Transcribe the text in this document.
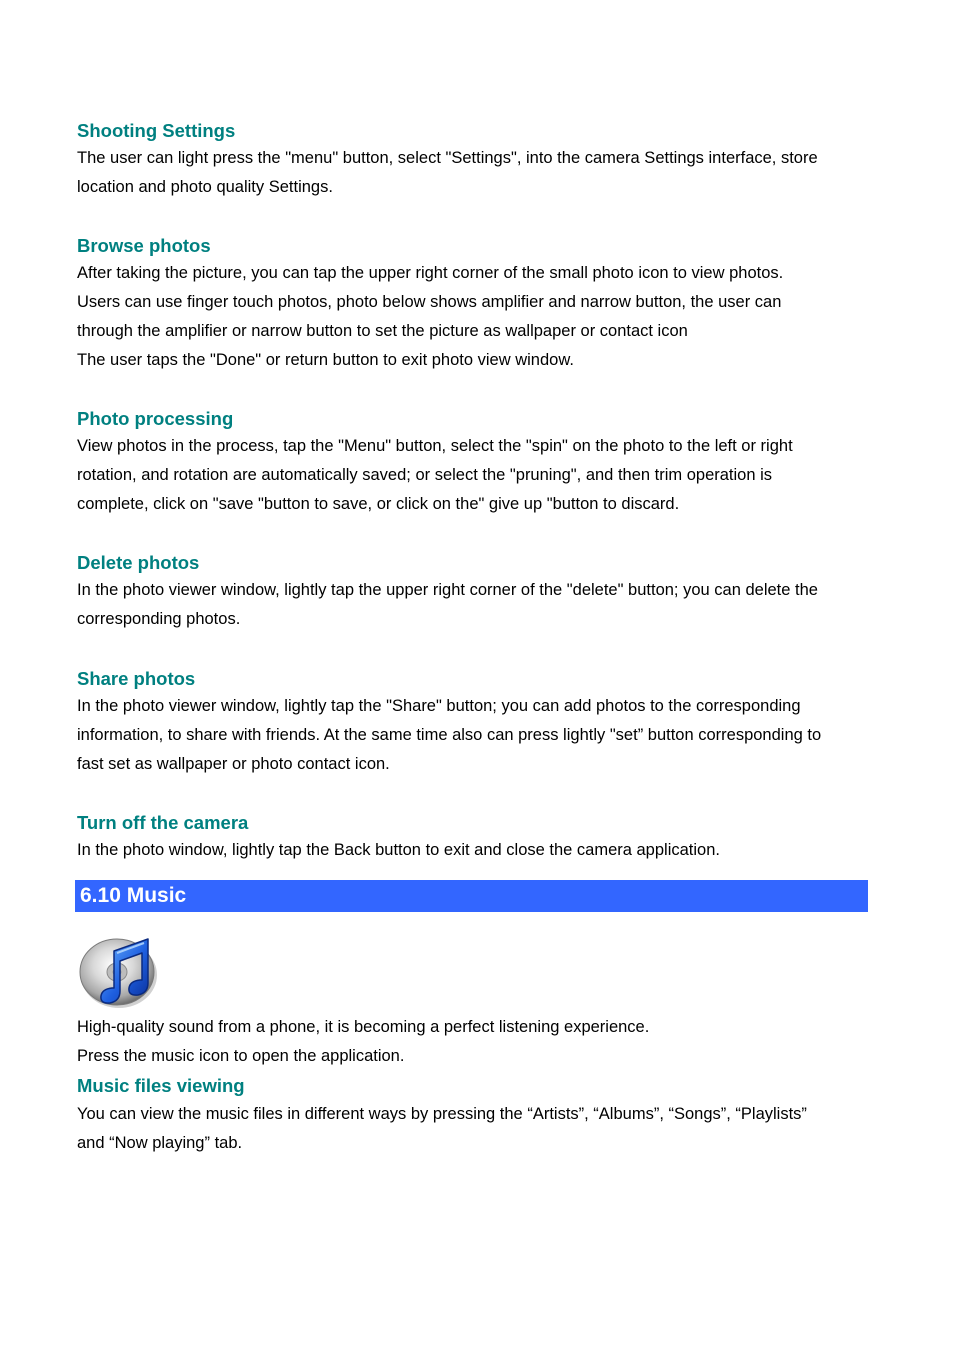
Shooting Settings

The user can light press the "menu" button, select "Settings", into the camera Settings interface, store
location and photo quality Settings.

Browse photos

After taking the picture, you can tap the upper right corner of the small photo icon to view photos.
Users can use finger touch photos, photo below shows amplifier and narrow button, the user can
through the amplifier or narrow button to set the picture as wallpaper or contact icon
The user taps the "Done" or return button to exit photo view window.

Photo processing

View photos in the process, tap the "Menu" button, select the "spin" on the photo to the left or right
rotation, and rotation are automatically saved; or select the "pruning", and then trim operation is
complete, click on "save "button to save, or click on the" give up "button to discard.

Delete photos

In the photo viewer window, lightly tap the upper right corner of the "delete" button; you can delete the
corresponding photos.

Share photos

In the photo viewer window, lightly tap the "Share" button; you can add photos to the corresponding
information, to share with friends. At the same time also can press lightly "set” button corresponding to
fast set as wallpaper or photo contact icon.

Turn off the camera

In the photo window, lightly tap the Back button to exit and close the camera application.

6.10 Music

High-quality sound from a phone, it is becoming a perfect listening experience.
Press the music icon to open the application.

Music files viewing

You can view the music files in different ways by pressing the “Artists”, “Albums”, “Songs”, “Playlists”
and “Now playing” tab.
